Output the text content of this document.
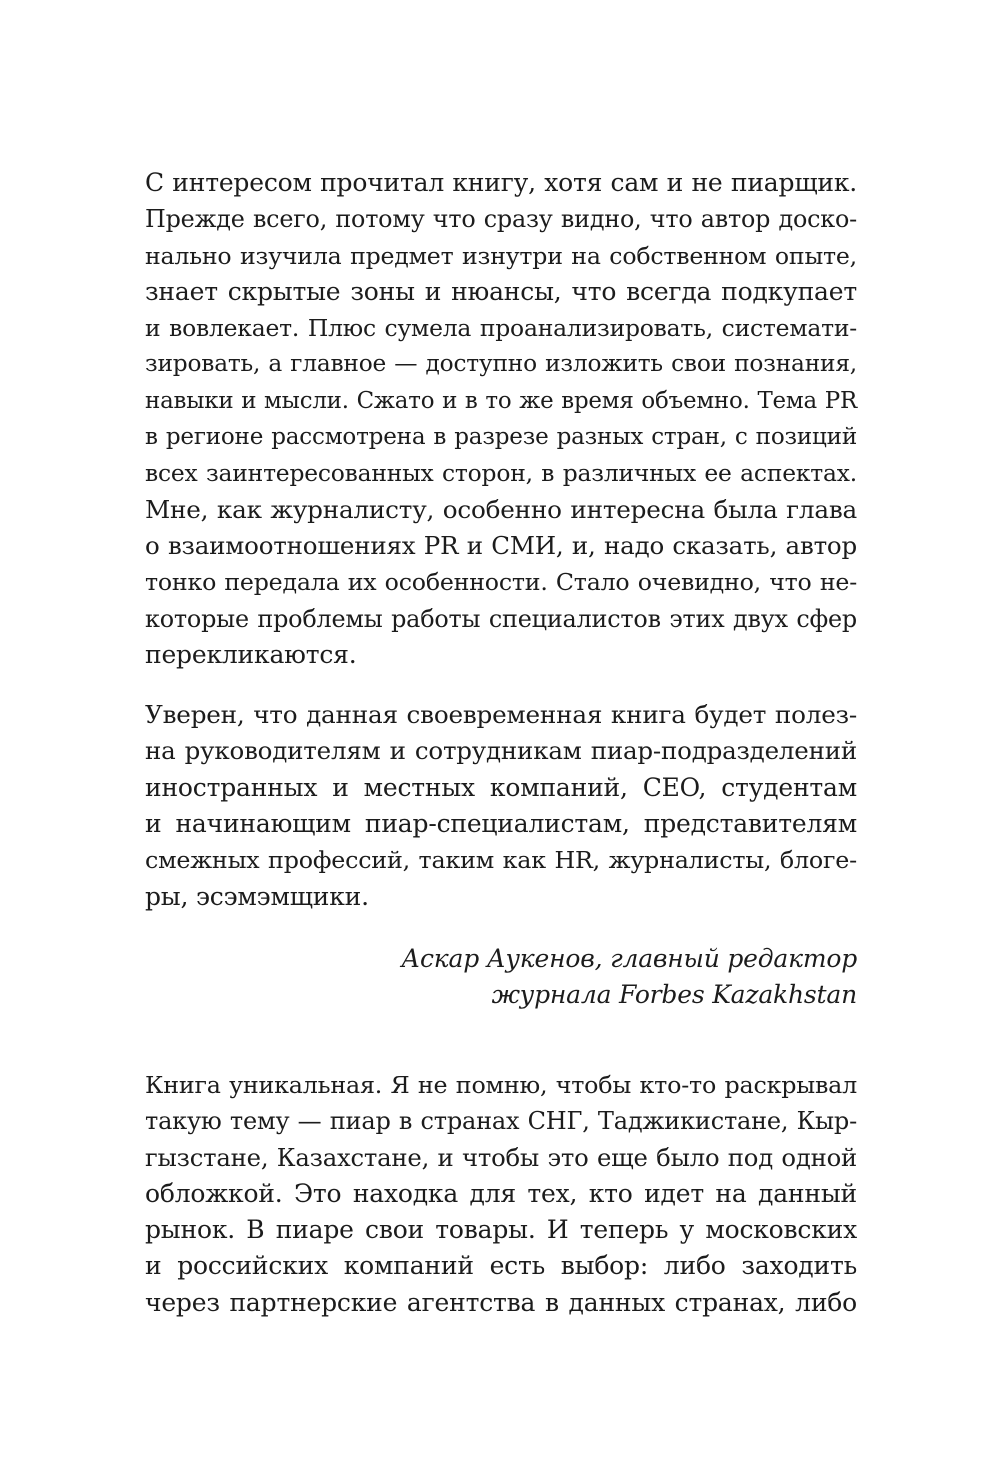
С интересом прочитал книгу, хотя сам и не пиарщик.
Прежде всего, потому что сразу видно, что автор доско-
нально изучила предмет изнутри на собственном опыте,
знает скрытые зоны и нюансы, что всегда подкупает
и вовлекает. Плюс сумела проанализировать, системати-
зировать, а главное — доступно изложить свои познания,
навыки и мысли. Сжато и в то же время объемно. Тема PR
в регионе рассмотрена в разрезе разных стран, с позиций
всех заинтересованных сторон, в различных ее аспектах.
Мне, как журналисту, особенно интересна была глава
о взаимоотношениях PR и СМИ, и, надо сказать, автор
тонко передала их особенности. Стало очевидно, что не-
которые проблемы работы специалистов этих двух сфер
перекликаются.
Уверен, что данная своевременная книга будет полез-
на руководителям и сотрудникам пиар-подразделений
иностранных и местных компаний, CEO, студентам
и начинающим пиар-специалистам, представителям
смежных профессий, таким как HR, журналисты, блоге-
ры, эсэмэмщики.
Аскар Аукенов, главный редактор
журнала Forbes Kazakhstan
Книга уникальная. Я не помню, чтобы кто-то раскрывал
такую тему — пиар в странах СНГ, Таджикистане, Кыр-
гызстане, Казахстане, и чтобы это еще было под одной
обложкой. Это находка для тех, кто идет на данный
рынок. В пиаре свои товары. И теперь у московских
и российских компаний есть выбор: либо заходить
через партнерские агентства в данных странах, либо
